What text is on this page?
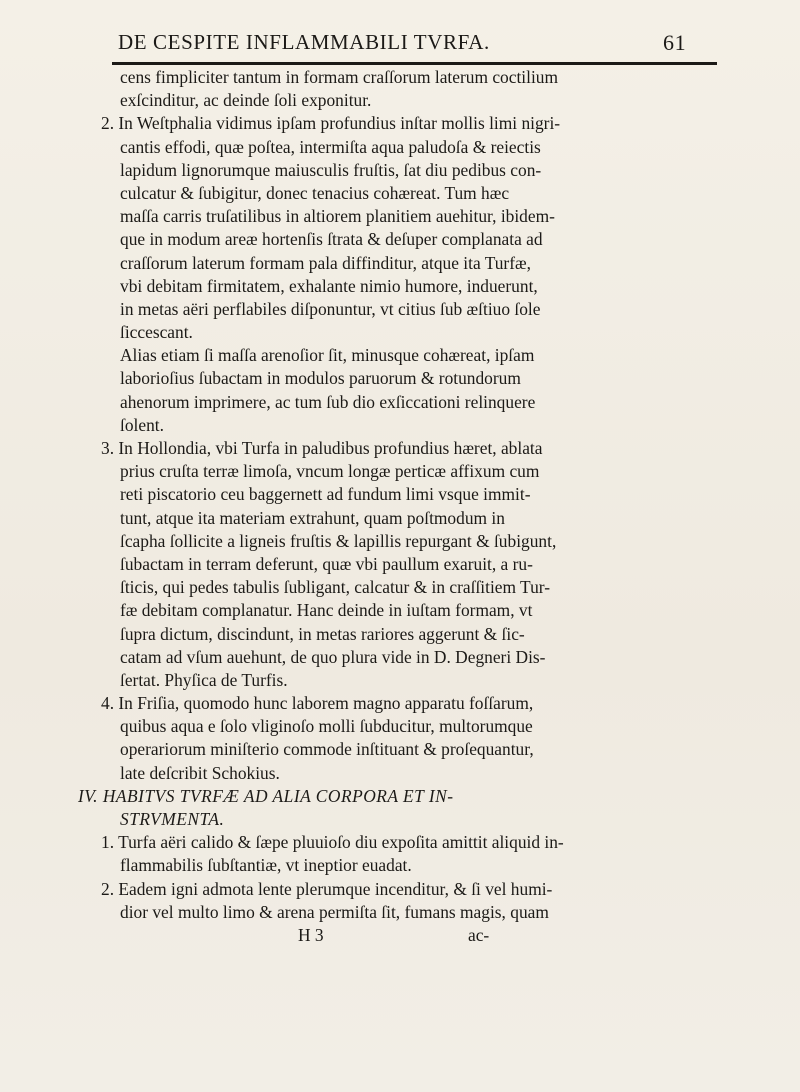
DE CESPITE INFLAMMABILI TVRFA.	61
cens fimpliciter tantum in formam craſſorum laterum coctilium
exſcinditur, ac deinde ſoli exponitur.
2. In Weſtphalia vidimus ipſam profundius inſtar mollis limi nigri-
cantis effodi, quæ poſtea, intermiſta aqua paludoſa & reiectis
lapidum lignorumque maiusculis fruſtis, ſat diu pedibus con-
culcatur & ſubigitur, donec tenacius cohæreat. Tum hæc
maſſa carris truſatilibus in altiorem planitiem auehitur, ibidem-
que in modum areæ hortenſis ſtrata & deſuper complanata ad
craſſorum laterum formam pala diffinditur, atque ita Turfæ,
vbi debitam firmitatem, exhalante nimio humore, induerunt,
in metas aëri perflabiles diſponuntur, vt citius ſub æſtiuo ſole
ſiccescant.
Alias etiam ſi maſſa arenoſior ſit, minusque cohæreat, ipſam
laborioſius ſubactam in modulos paruorum & rotundorum
ahenorum imprimere, ac tum ſub dio exſiccationi relinquere
ſolent.
3. In Hollondia, vbi Turfa in paludibus profundius hæret, ablata
prius cruſta terræ limoſa, vncum longæ perticæ affixum cum
reti piscatorio ceu baggernett ad fundum limi vsque immit-
tunt, atque ita materiam extrahunt, quam poſtmodum in
ſcapha ſollicite a ligneis fruſtis & lapillis repurgant & ſubigunt,
ſubactam in terram deferunt, quæ vbi paullum exaruit, a ru-
ſticis, qui pedes tabulis ſubligant, calcatur & in craſſitiem Tur-
fæ debitam complanatur. Hanc deinde in iuſtam formam, vt
ſupra dictum, discindunt, in metas rariores aggerunt & ſic-
catam ad vſum auehunt, de quo plura vide in D. Degneri Dis-
ſertat. Phyſica de Turfis.
4. In Friſia, quomodo hunc laborem magno apparatu foſſarum,
quibus aqua e ſolo vliginoſo molli ſubducitur, multorumque
operariorum miniſterio commode inſtituant & proſequantur,
late deſcribit Schokius.
IV. HABITVS TVRFÆ AD ALIA CORPORA ET IN-
STRVMENTA.
1. Turfa aëri calido & ſæpe pluuioſo diu expoſita amittit aliquid in-
flammabilis ſubſtantiæ, vt ineptior euadat.
2. Eadem igni admota lente plerumque incenditur, & ſi vel humi-
dior vel multo limo & arena permiſta ſit, fumans magis, quam
H 3	ac-
